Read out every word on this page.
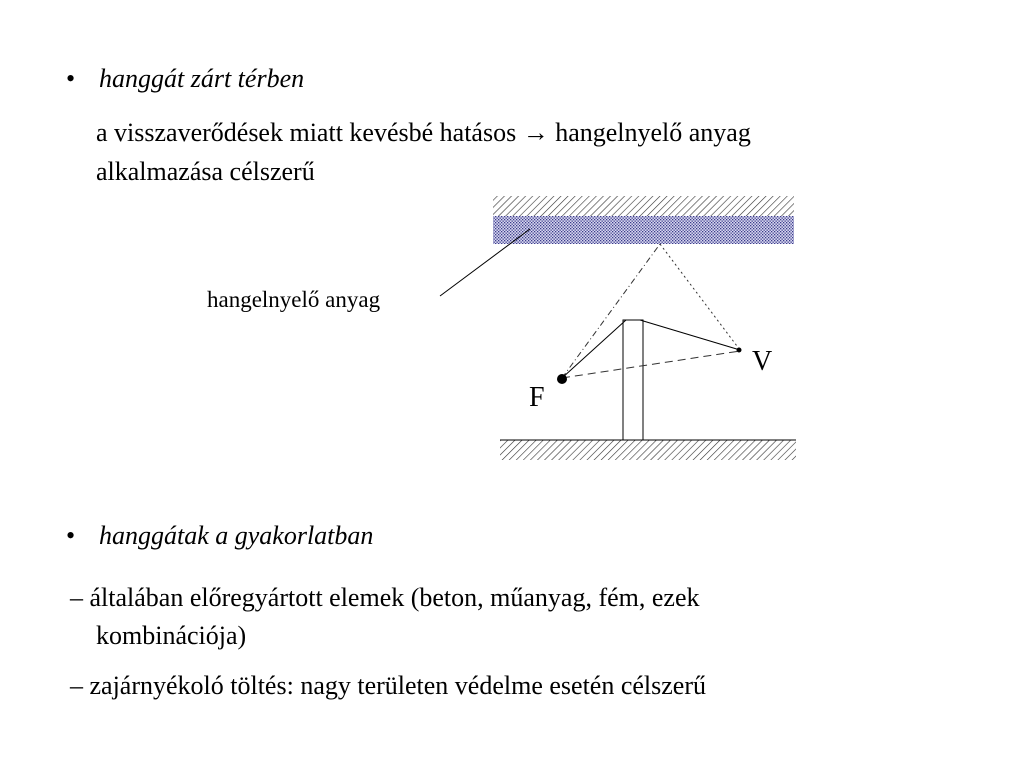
• hanggát zárt térben
a visszaverődések miatt kevésbé hatásos → hangelnyelő anyag
alkalmazása célszerű
hangelnyelő anyag
F
V
• hanggátak a gyakorlatban
– általában előregyártott elemek (beton, műanyag, fém, ezek
kombinációja)
– zajárnyékoló töltés: nagy területen védelme esetén célszerű
